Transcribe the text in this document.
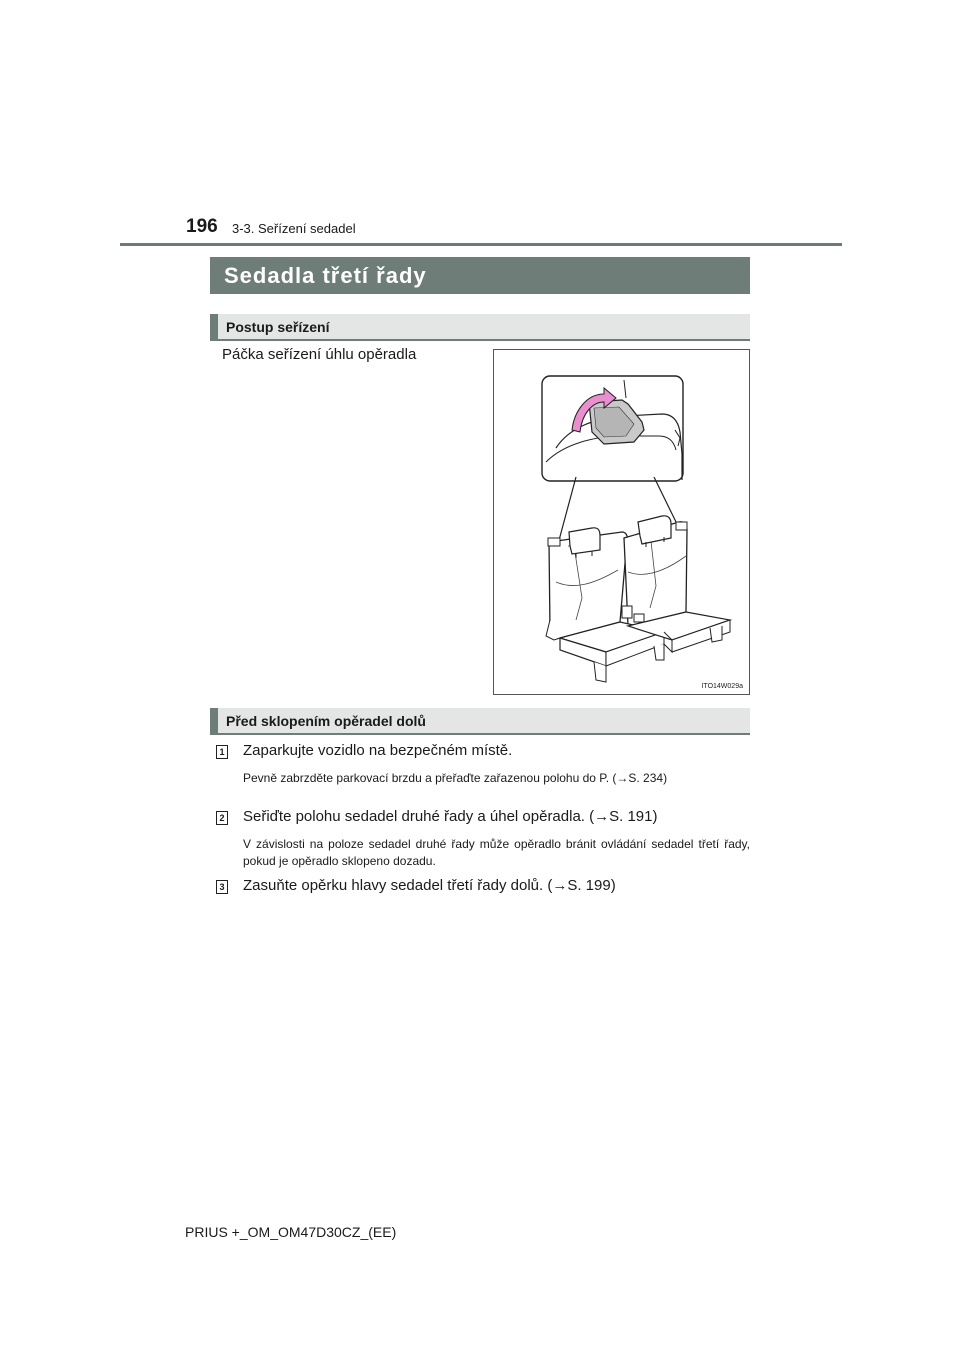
196 3-3. Seřízení sedadel
Sedadla třetí řady
Postup seřízení
Páčka seřízení úhlu opěradla
ITO14W029a
Před sklopením opěradel dolů
1 Zaparkujte vozidlo na bezpečném místě.
Pevně zabrzděte parkovací brzdu a přeřaďte zařazenou polohu do P. (→S. 234)
2 Seřiďte polohu sedadel druhé řady a úhel opěradla. (→S. 191)
V závislosti na poloze sedadel druhé řady může opěradlo bránit ovládání sedadel třetí řady, pokud je opěradlo sklopeno dozadu.
3 Zasuňte opěrku hlavy sedadel třetí řady dolů. (→S. 199)
PRIUS +_OM_OM47D30CZ_(EE)
